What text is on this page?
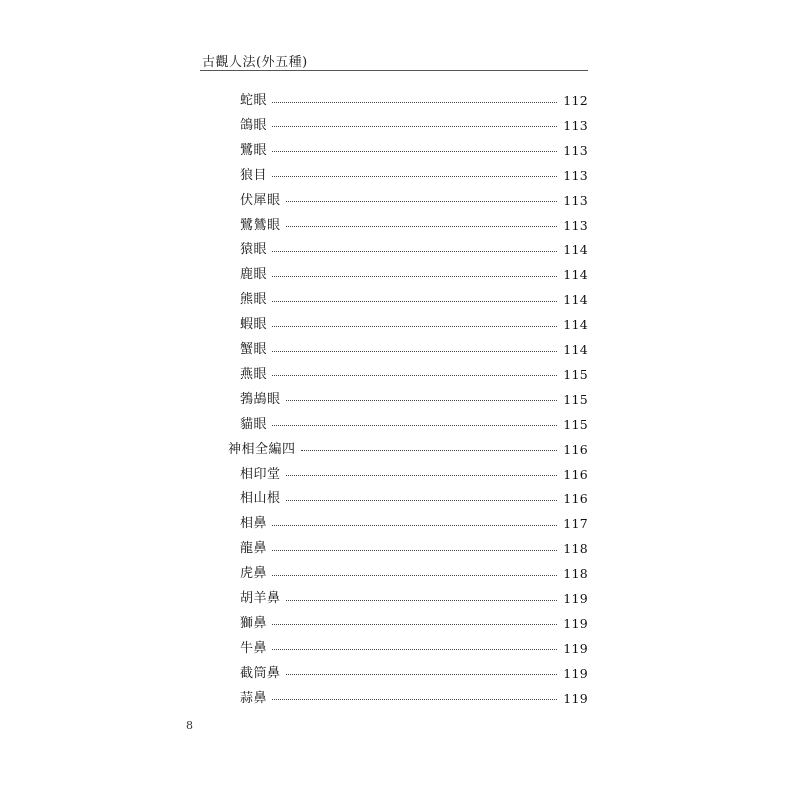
古觀人法(外五種)
蛇眼	112
鴿眼	113
鷺眼	113
狼目	113
伏犀眼	113
鷺鷥眼	113
猿眼	114
鹿眼	114
熊眼	114
蝦眼	114
蟹眼	114
燕眼	115
鵓鴣眼	115
貓眼	115
神相全編四	116
相印堂	116
相山根	116
相鼻	117
龍鼻	118
虎鼻	118
胡羊鼻	119
獅鼻	119
牛鼻	119
截筒鼻	119
蒜鼻	119
8
